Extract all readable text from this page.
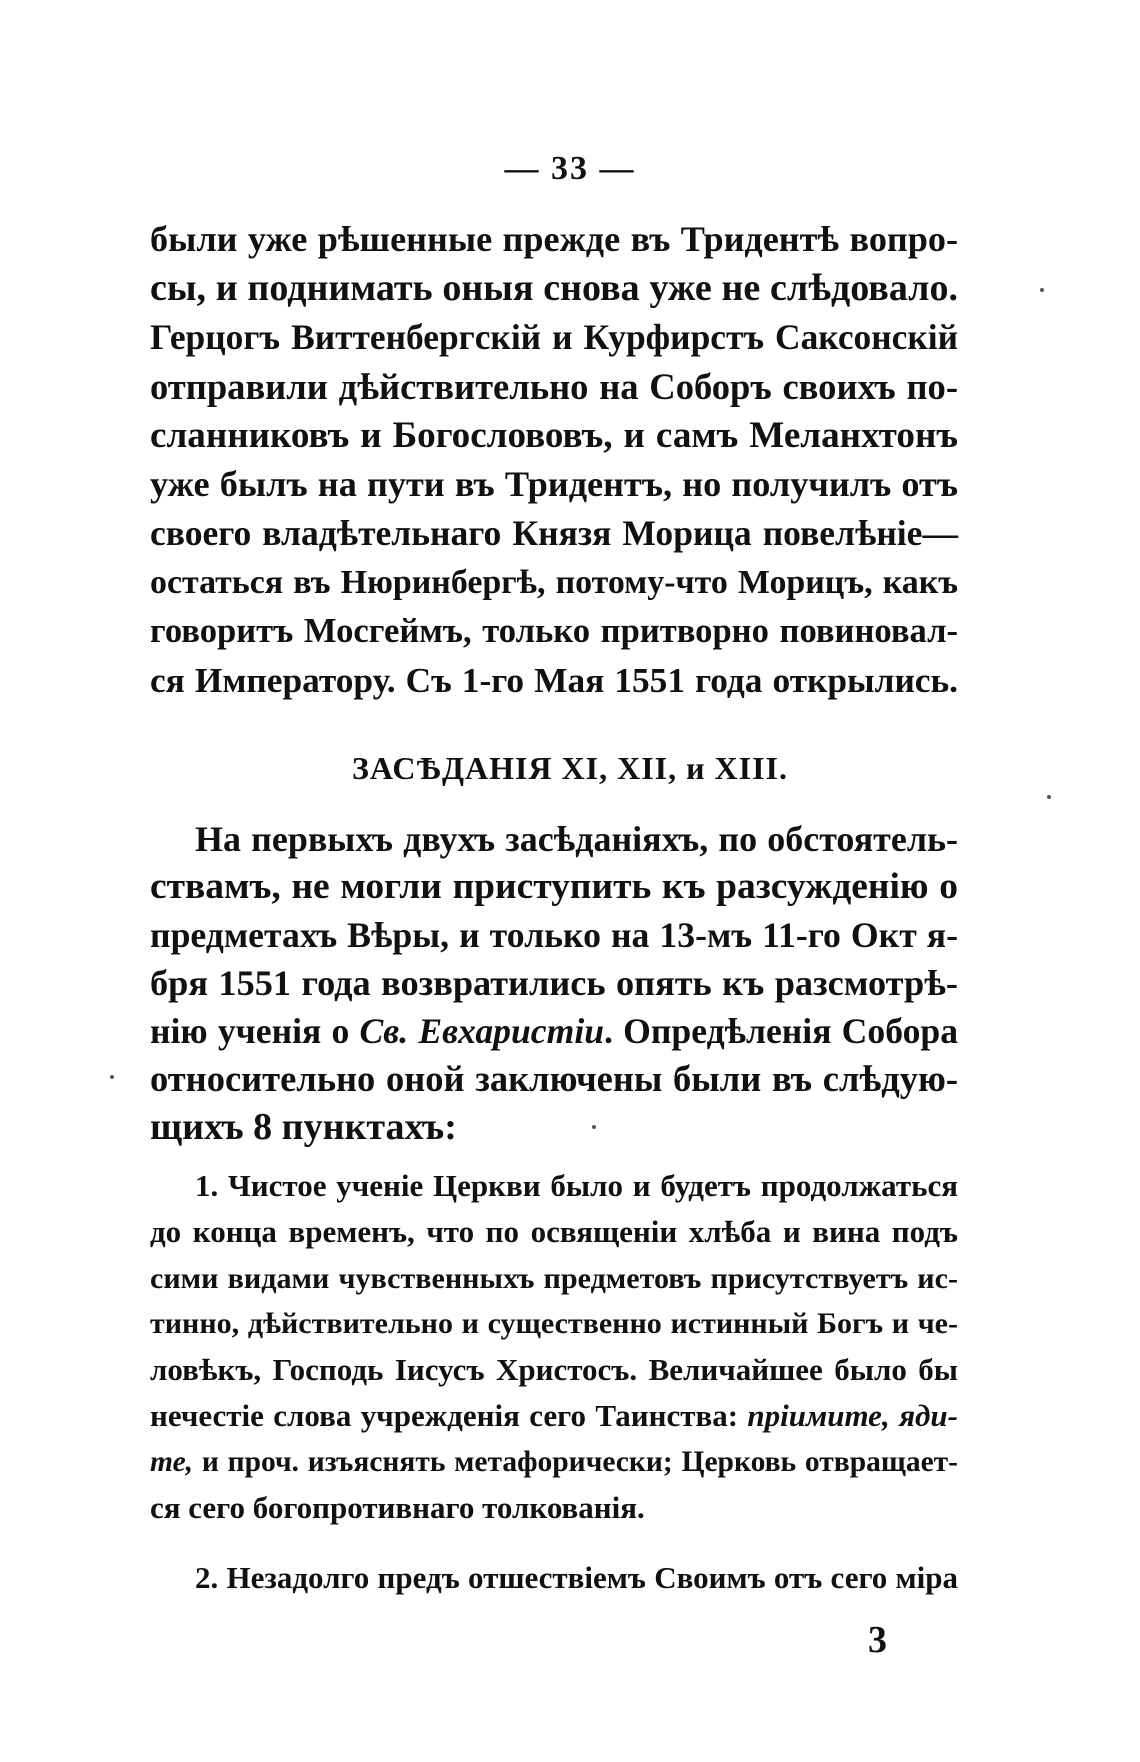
— 33 —
были уже рѣшенные прежде въ Тридентѣ вопро-
сы, и поднимать оныя снова уже не слѣдовало.
Герцогъ Виттенбергскій и Курфирстъ Саксонскій
отправили дѣйствительно на Соборъ своихъ по-
сланниковъ и Богослововъ, и самъ Меланхтонъ
уже былъ на пути въ Тридентъ, но получилъ отъ
своего владѣтельнаго Князя Морица повелѣніе—
остаться въ Нюринбергѣ, потому-что Морицъ, какъ
говоритъ Мосгеймъ, только притворно повиновал-
ся Императору. Съ 1-го Мая 1551 года открылись.
ЗАСѢДАНІЯ XI, XII, и XIII.
На первыхъ двухъ засѣданіяхъ, по обстоятель-
ствамъ, не могли приступить къ разсужденію о
предметахъ Вѣры, и только на 13-мъ 11-го Окт я-
бря 1551 года возвратились опять къ разсмотрѣ-
нію ученія о Св. Евхаристіи. Опредѣленія Собора
относительно оной заключены были въ слѣдую-
щихъ 8 пунктахъ:
1. Чистое ученіе Церкви было и будетъ продолжаться
до конца временъ, что по освященіи хлѣба и вина подъ
сими видами чувственныхъ предметовъ присутствуетъ ис-
тинно, дѣйствительно и существенно истинный Богъ и че-
ловѣкъ, Господь Іисусъ Христосъ. Величайшее было бы
нечестіе слова учрежденія сего Таинства: пріимите, яди-
те, и проч. изъяснять метафорически; Церковь отвращает-
ся сего богопротивнаго толкованія.
2. Незадолго предъ отшествіемъ Своимъ отъ сего міра
3
